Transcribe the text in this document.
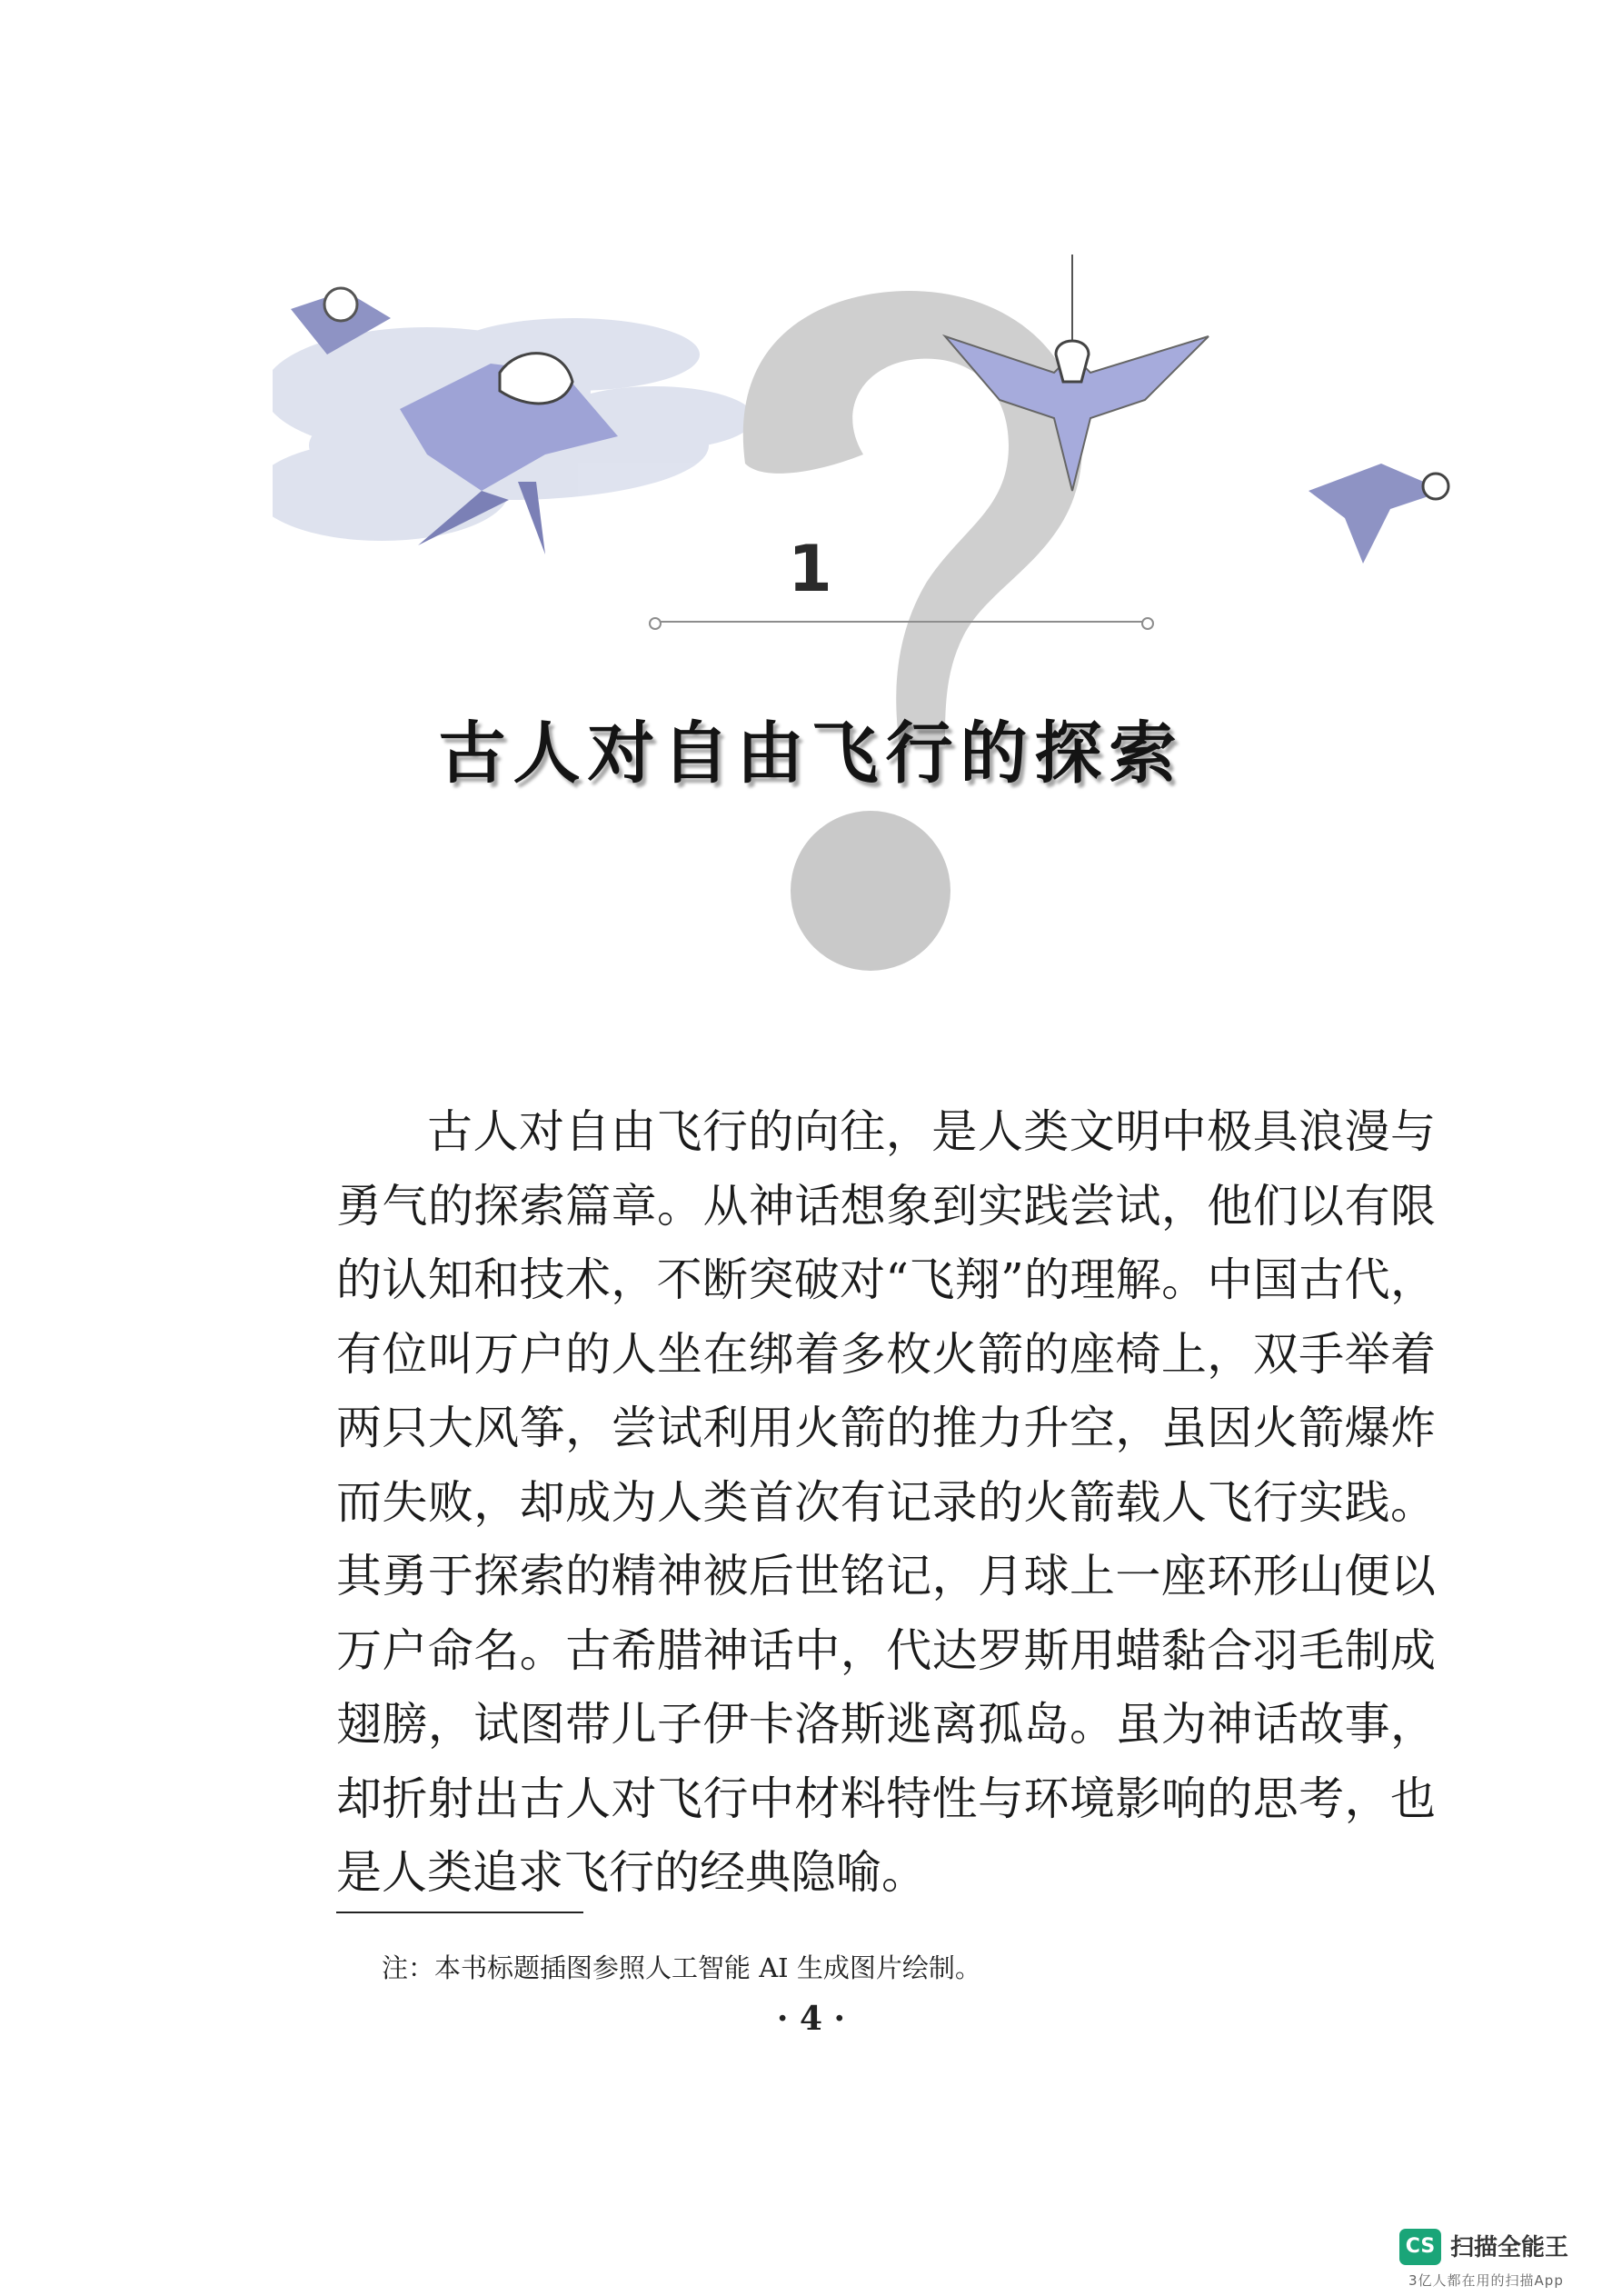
1
古人对自由飞行的探索

古人对自由飞行的向往，是人类文明中极具浪漫与勇气的探索篇章。从神话想象到实践尝试，他们以有限的认知和技术，不断突破对“飞翔”的理解。中国古代，有位叫万户的人坐在绑着多枚火箭的座椅上，双手举着两只大风筝，尝试利用火箭的推力升空，虽因火箭爆炸而失败，却成为人类首次有记录的火箭载人飞行实践。其勇于探索的精神被后世铭记，月球上一座环形山便以万户命名。古希腊神话中，代达罗斯用蜡黏合羽毛制成翅膀，试图带儿子伊卡洛斯逃离孤岛。虽为神话故事，却折射出古人对飞行中材料特性与环境影响的思考，也是人类追求飞行的经典隐喻。

注：本书标题插图参照人工智能 AI 生成图片绘制。
· 4 ·
CS 扫描全能王
3亿人都在用的扫描App
